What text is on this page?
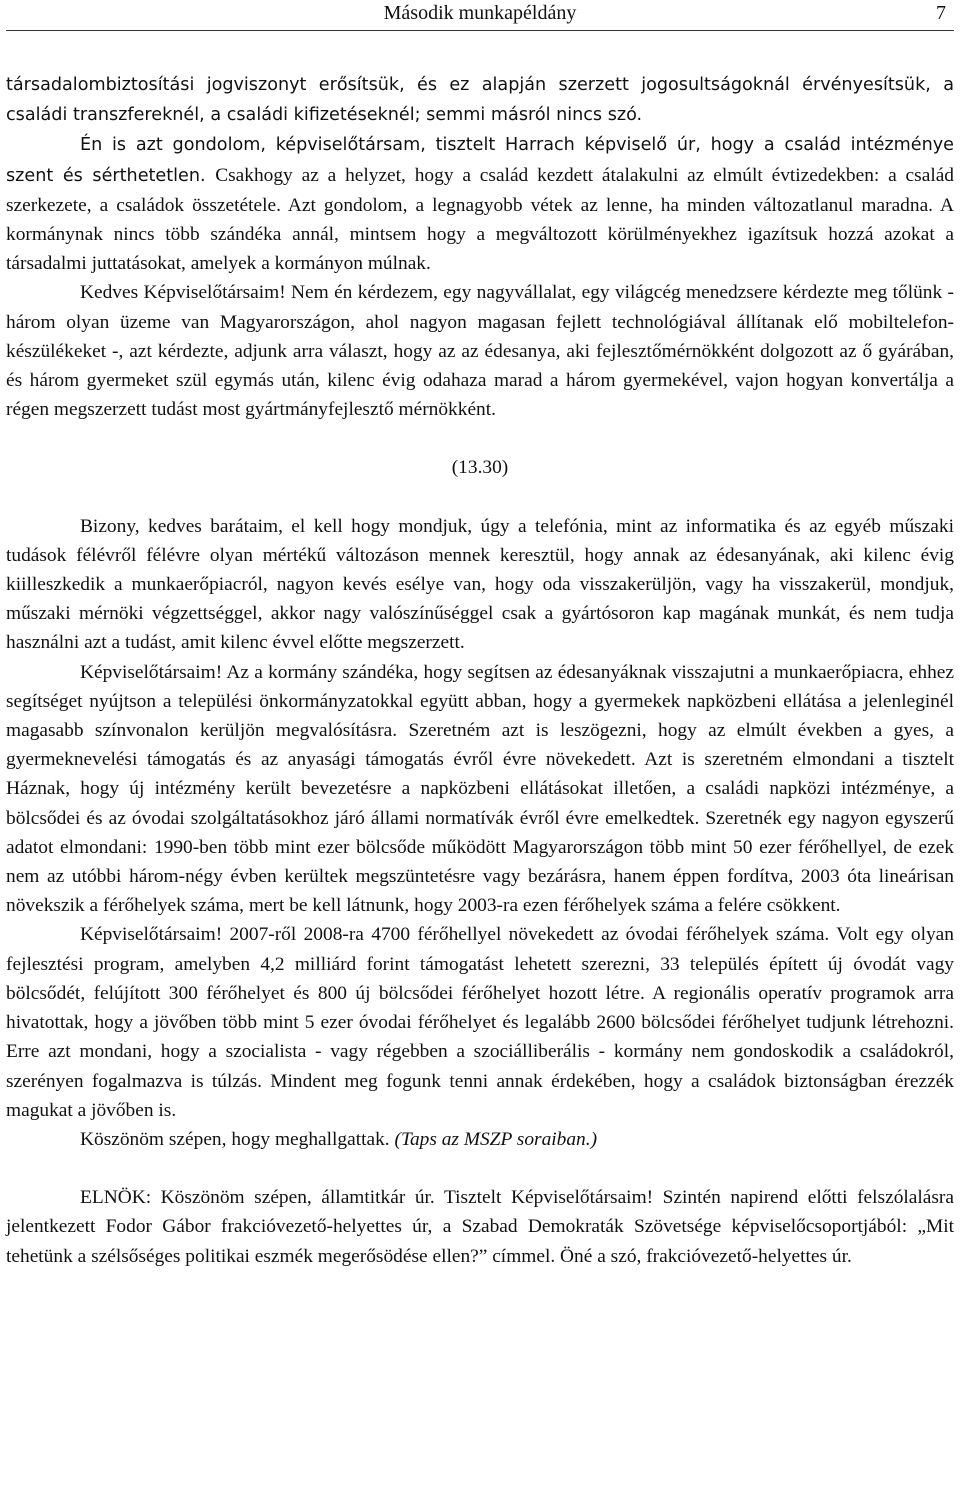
Második munkapéldány	7

társadalombiztosítási jogviszonyt erősítsük, és ez alapján szerzett jogosultságoknál érvényesítsük, a családi transzfereknél, a családi kifizetéseknél; semmi másról nincs szó.

Én is azt gondolom, képviselőtársam, tisztelt Harrach képviselő úr, hogy a család intézménye szent és sérthetetlen. Csakhogy az a helyzet, hogy a család kezdett átalakulni az elmúlt évtizedekben: a család szerkezete, a családok összetétele. Azt gondolom, a legnagyobb vétek az lenne, ha minden változatlanul maradna. A kormánynak nincs több szándéka annál, mintsem hogy a megváltozott körülményekhez igazítsuk hozzá azokat a társadalmi juttatásokat, amelyek a kormányon múlnak.

Kedves Képviselőtársaim! Nem én kérdezem, egy nagyvállalat, egy világcég menedzsere kérdezte meg tőlünk - három olyan üzeme van Magyarországon, ahol nagyon magasan fejlett technológiával állítanak elő mobiltelefon-készülékeket -, azt kérdezte, adjunk arra választ, hogy az az édesanya, aki fejlesztőmérnökként dolgozott az ő gyárában, és három gyermeket szül egymás után, kilenc évig odahaza marad a három gyermekével, vajon hogyan konvertálja a régen megszerzett tudást most gyártmányfejlesztő mérnökként.

(13.30)

Bizony, kedves barátaim, el kell hogy mondjuk, úgy a telefónia, mint az informatika és az egyéb műszaki tudások félévről félévre olyan mértékű változáson mennek keresztül, hogy annak az édesanyának, aki kilenc évig kiilleszkedik a munkaerőpiacról, nagyon kevés esélye van, hogy oda visszakerüljön, vagy ha visszakerül, mondjuk, műszaki mérnöki végzettséggel, akkor nagy valószínűséggel csak a gyártósoron kap magának munkát, és nem tudja használni azt a tudást, amit kilenc évvel előtte megszerzett.

Képviselőtársaim! Az a kormány szándéka, hogy segítsen az édesanyáknak visszajutni a munkaerőpiacra, ehhez segítséget nyújtson a települési önkormányzatokkal együtt abban, hogy a gyermekek napközbeni ellátása a jelenleginél magasabb színvonalon kerüljön megvalósításra. Szeretném azt is leszögezni, hogy az elmúlt években a gyes, a gyermeknevelési támogatás és az anyasági támogatás évről évre növekedett. Azt is szeretném elmondani a tisztelt Háznak, hogy új intézmény került bevezetésre a napközbeni ellátásokat illetően, a családi napközi intézménye, a bölcsődei és az óvodai szolgáltatásokhoz járó állami normatívák évről évre emelkedtek. Szeretnék egy nagyon egyszerű adatot elmondani: 1990-ben több mint ezer bölcsőde működött Magyarországon több mint 50 ezer férőhellyel, de ezek nem az utóbbi három-négy évben kerültek megszüntetésre vagy bezárásra, hanem éppen fordítva, 2003 óta lineárisan növekszik a férőhelyek száma, mert be kell látnunk, hogy 2003-ra ezen férőhelyek száma a felére csökkent.

Képviselőtársaim! 2007-ről 2008-ra 4700 férőhellyel növekedett az óvodai férőhelyek száma. Volt egy olyan fejlesztési program, amelyben 4,2 milliárd forint támogatást lehetett szerezni, 33 település épített új óvodát vagy bölcsődét, felújított 300 férőhelyet és 800 új bölcsődei férőhelyet hozott létre. A regionális operatív programok arra hivatottak, hogy a jövőben több mint 5 ezer óvodai férőhelyet és legalább 2600 bölcsődei férőhelyet tudjunk létrehozni. Erre azt mondani, hogy a szocialista - vagy régebben a szociálliberális - kormány nem gondoskodik a családokról, szerényen fogalmazva is túlzás. Mindent meg fogunk tenni annak érdekében, hogy a családok biztonságban érezzék magukat a jövőben is.

Köszönöm szépen, hogy meghallgattak. (Taps az MSZP soraiban.)

ELNÖK: Köszönöm szépen, államtitkár úr. Tisztelt Képviselőtársaim! Szintén napirend előtti felszólalásra jelentkezett Fodor Gábor frakcióvezető-helyettes úr, a Szabad Demokraták Szövetsége képviselőcsoportjából: „Mit tehetünk a szélsőséges politikai eszmék megerősödése ellen?” címmel. Öné a szó, frakcióvezető-helyettes úr.
